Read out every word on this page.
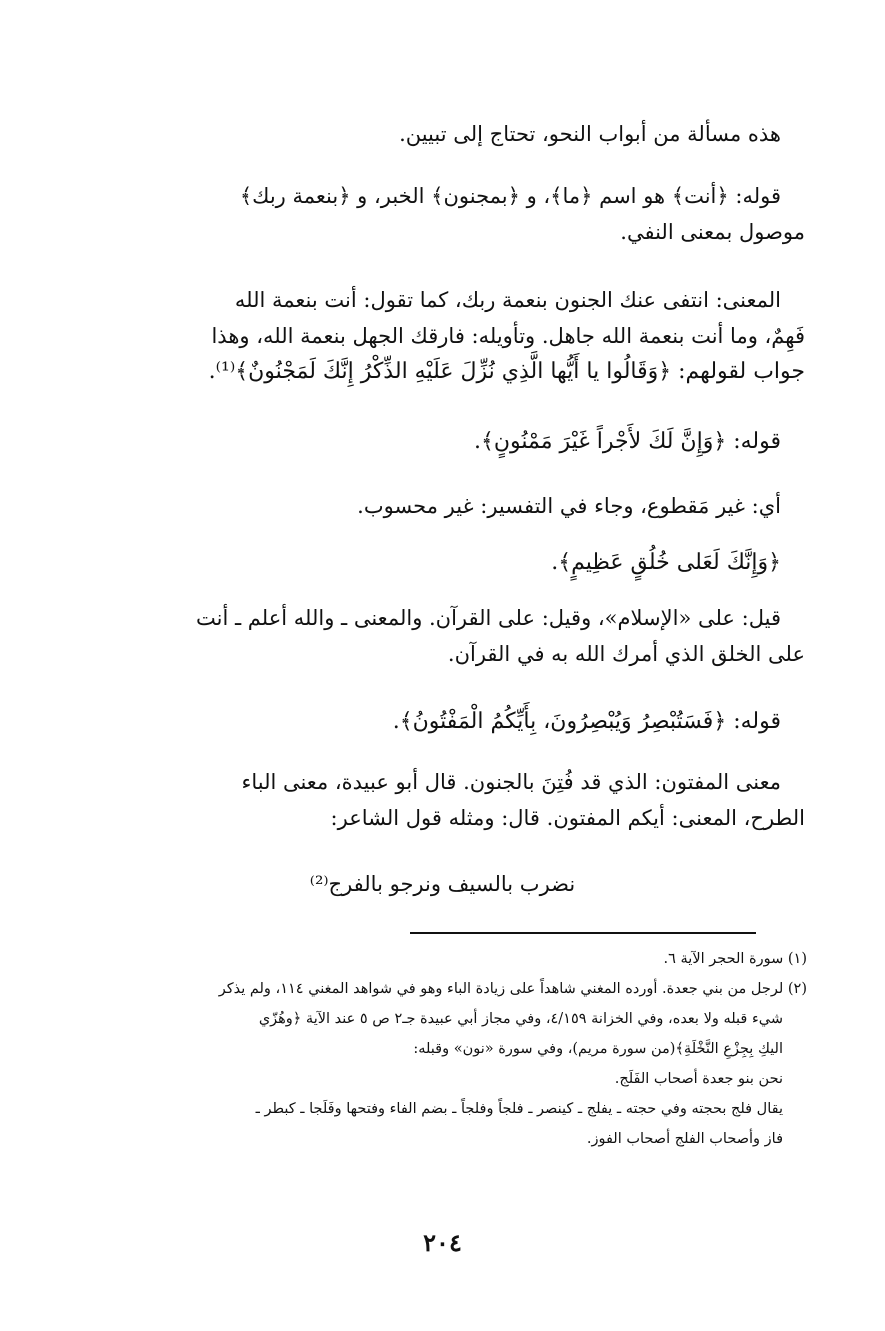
هذه مسألة من أبواب النحو، تحتاج إلى تبيين.
قوله: ﴿أنت﴾ هو اسم ﴿ما﴾، و ﴿بمجنون﴾ الخبر، و ﴿بنعمة ربك﴾
موصول بمعنى النفي.
المعنى: انتفى عنك الجنون بنعمة ربك، كما تقول: أنت بنعمة الله
فَهِمٌ، وما أنت بنعمة الله جاهل. وتأويله: فارقك الجهل بنعمة الله، وهذا
جواب لقولهم: ﴿وَقَالُوا يا أَيُّها الَّذِي نُزِّلَ عَلَيْهِ الذِّكْرُ إِنَّكَ لَمَجْنُونٌ﴾⁽¹⁾.
قوله: ﴿وَإِنَّ لَكَ لأَجْراً غَيْرَ مَمْنُونٍ﴾.
أي: غير مَقطوع، وجاء في التفسير: غير محسوب.
﴿وَإِنَّكَ لَعَلى خُلُقٍ عَظِيمٍ﴾.
قيل: على «الإسلام»، وقيل: على القرآن. والمعنى ـ والله أعلم ـ أنت
على الخلق الذي أمرك الله به في القرآن.
قوله: ﴿فَسَتُبْصِرُ وَيُبْصِرُونَ، بِأَيِّكُمُ الْمَفْتُونُ﴾.
معنى المفتون: الذي قد فُتِنَ بالجنون. قال أبو عبيدة، معنى الباء
الطرح، المعنى: أيكم المفتون. قال: ومثله قول الشاعر:
نضرب بالسيف ونرجو بالفرج⁽²⁾
(١) سورة الحجر الآية ٦.
(٢) لرجل من بني جعدة. أورده المغني شاهداً على زيادة الباء وهو في شواهد المغني ١١٤، ولم يذكر
شيء قبله ولا بعده، وفي الخزانة ٤/١٥٩، وفي مجاز أبي عبيدة جـ٢ ص ٥ عند الآية ﴿وهُزّي
اليكِ بِجِزْعِ النَّخْلَةِ﴾(من سورة مريم)، وفي سورة «نون» وقبله:
نحن بنو جعدة أصحاب الفَلَج.
يقال فلج بحجته وفي حجته ـ يفلج ـ كينصر ـ فلجاً وفلجاً ـ بضم الفاء وفتحها وفَلَجا ـ كبطر ـ
فاز وأصحاب الفلج أصحاب الفوز.
٢٠٤
